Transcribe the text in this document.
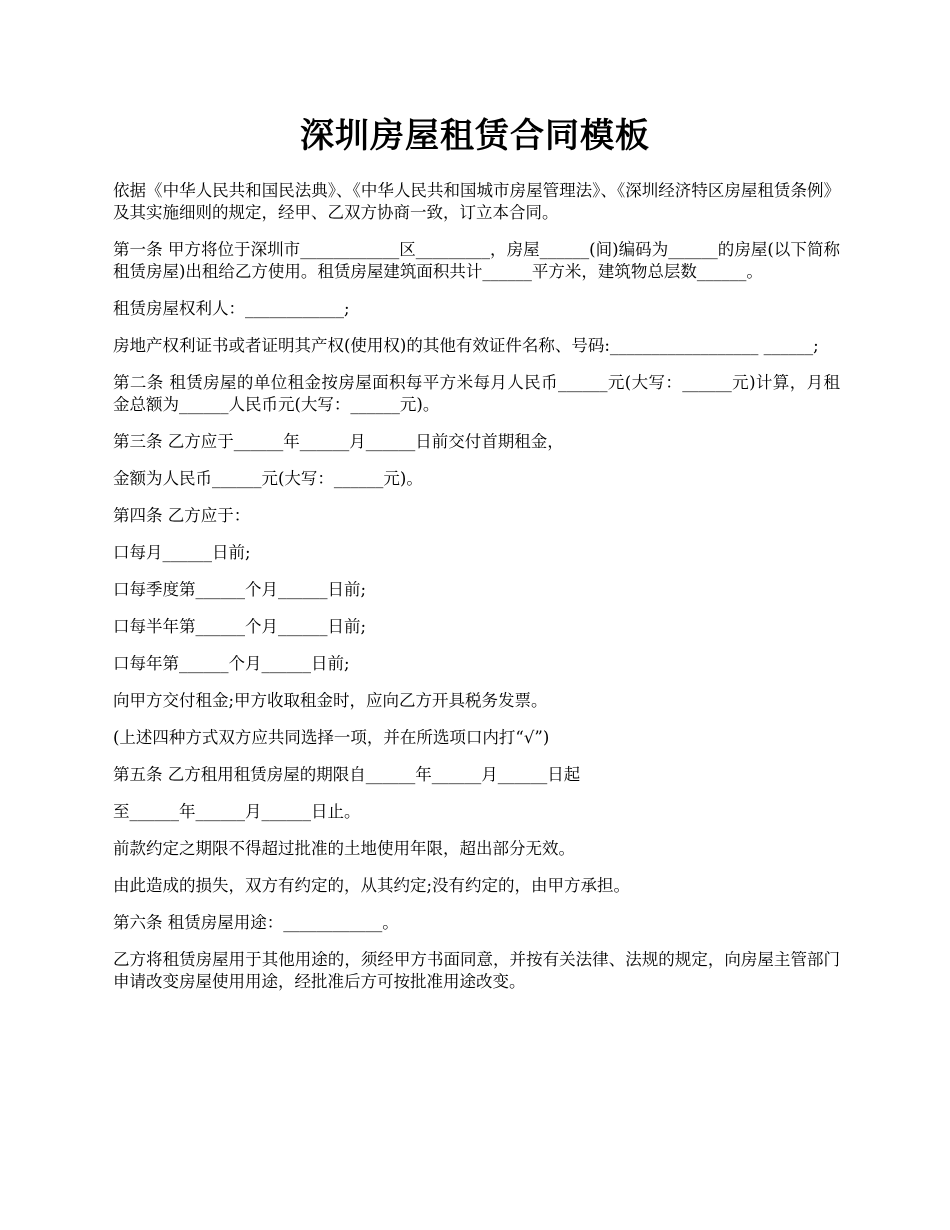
深圳房屋租赁合同模板

依据《中华人民共和国民法典》、《中华人民共和国城市房屋管理法》、《深圳经济特区房屋租赁条例》及其实施细则的规定，经甲、乙双方协商一致，订立本合同。

第一条 甲方将位于深圳市____________区_________，房屋______(间)编码为______的房屋(以下简称租赁房屋)出租给乙方使用。租赁房屋建筑面积共计______平方米，建筑物总层数______。

租赁房屋权利人：____________;

房地产权利证书或者证明其产权(使用权)的其他有效证件名称、号码:__________________ ______;

第二条 租赁房屋的单位租金按房屋面积每平方米每月人民币______元(大写：______元)计算，月租金总额为______人民币元(大写：______元)。

第三条 乙方应于______年______月______日前交付首期租金，

金额为人民币______元(大写：______元)。

第四条 乙方应于：

口每月______日前;

口每季度第______个月______日前;

口每半年第______个月______日前;

口每年第______个月______日前;

向甲方交付租金;甲方收取租金时，应向乙方开具税务发票。

(上述四种方式双方应共同选择一项，并在所选项口内打“√”)

第五条 乙方租用租赁房屋的期限自______年______月______日起

至______年______月______日止。

前款约定之期限不得超过批准的土地使用年限，超出部分无效。

由此造成的损失，双方有约定的，从其约定;没有约定的，由甲方承担。

第六条 租赁房屋用途：____________。

乙方将租赁房屋用于其他用途的，须经甲方书面同意，并按有关法律、法规的规定，向房屋主管部门申请改变房屋使用用途，经批准后方可按批准用途改变。
